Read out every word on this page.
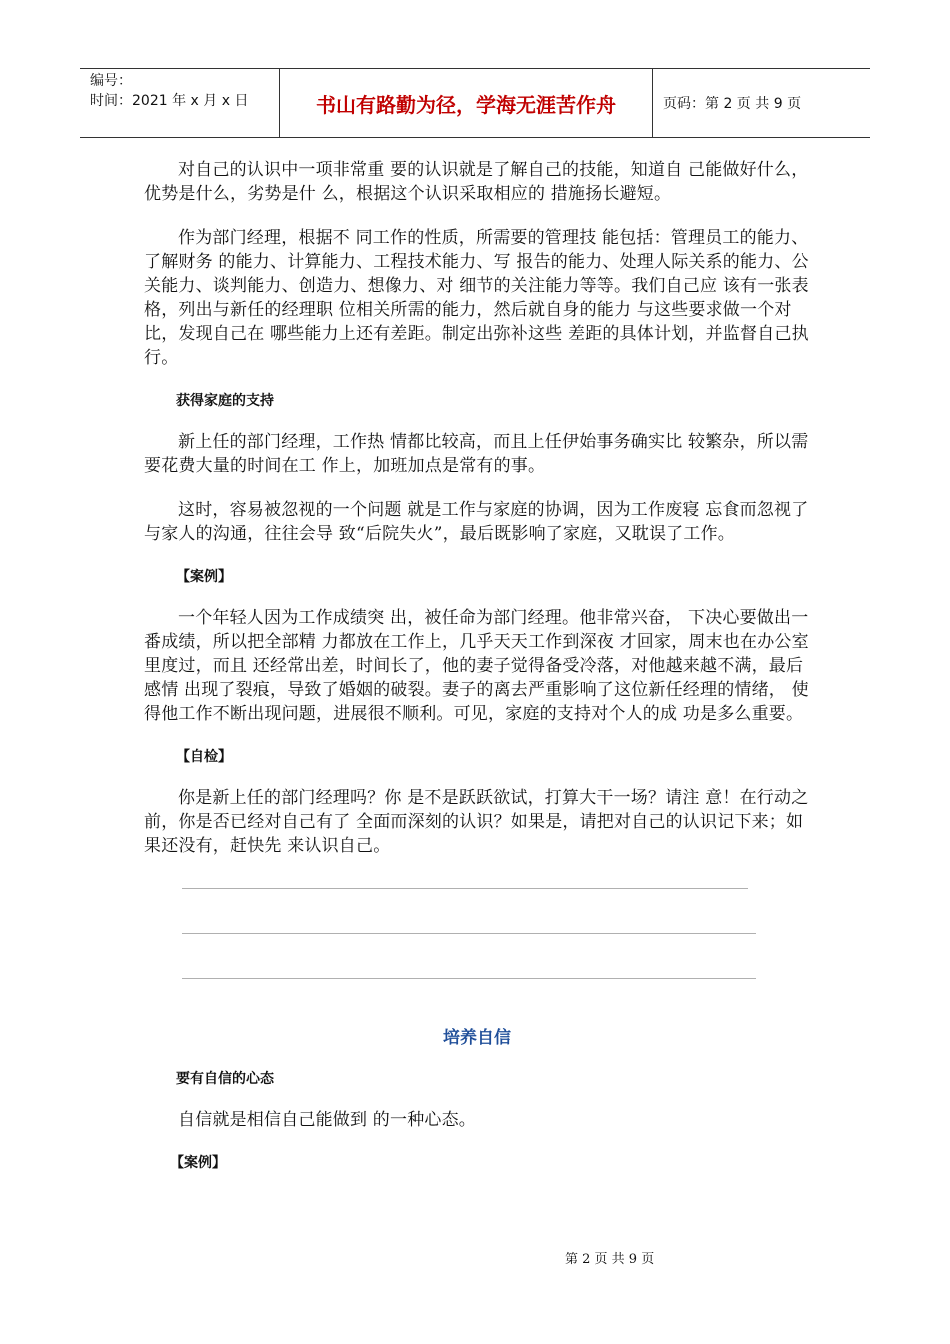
编号：
时间：2021 年 x 月 x 日	书山有路勤为径，学海无涯苦作舟	页码：第 2 页 共 9 页

对自己的认识中一项非常重 要的认识就是了解自己的技能，知道自 己能做好什么，优势是什么，劣势是什 么，根据这个认识采取相应的 措施扬长避短。

作为部门经理，根据不 同工作的性质，所需要的管理技 能包括：管理员工的能力、了解财务 的能力、计算能力、工程技术能力、写 报告的能力、处理人际关系的能力、公 关能力、谈判能力、创造力、想像力、对 细节的关注能力等等。我们自己应 该有一张表格，列出与新任的经理职 位相关所需的能力，然后就自身的能力 与这些要求做一个对比，发现自己在 哪些能力上还有差距。制定出弥补这些 差距的具体计划，并监督自己执行。

获得家庭的支持

新上任的部门经理，工作热 情都比较高，而且上任伊始事务确实比 较繁杂，所以需要花费大量的时间在工 作上，加班加点是常有的事。

这时，容易被忽视的一个问题 就是工作与家庭的协调，因为工作废寝 忘食而忽视了与家人的沟通，往往会导 致“后院失火”，最后既影响了家庭，又耽误了工作。

【案例】

一个年轻人因为工作成绩突 出，被任命为部门经理。他非常兴奋， 下决心要做出一番成绩，所以把全部精 力都放在工作上，几乎天天工作到深夜 才回家，周末也在办公室里度过，而且 还经常出差，时间长了，他的妻子觉得备受冷落，对他越来越不满，最后感情 出现了裂痕，导致了婚姻的破裂。妻子的离去严重影响了这位新任经理的情绪， 使得他工作不断出现问题，进展很不顺利。可见，家庭的支持对个人的成 功是多么重要。

【自检】

你是新上任的部门经理吗？你 是不是跃跃欲试，打算大干一场？请注 意！在行动之前，你是否已经对自己有了 全面而深刻的认识？如果是，请把对自己的认识记下来；如果还没有，赶快先 来认识自己。

培养自信
要有自信的心态

自信就是相信自己能做到 的一种心态。

【案例】
第 2 页 共 9 页
